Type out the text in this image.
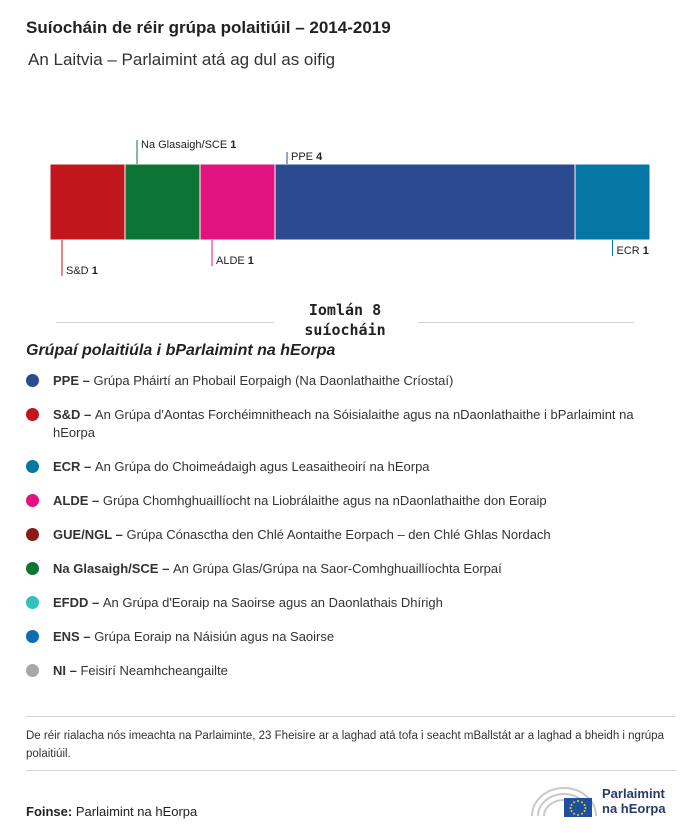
Suíocháin de réir grúpa polaitiúil – 2014-2019
An Laitvia – Parlaimint atá ag dul as oifig
S&D 1
Na Glasaigh/SCE 1
ALDE 1
PPE 4
ECR 1
Iomlán 8
suíocháin
Grúpaí polaitiúla i bParlaimint na hEorpa
PPE – Grúpa Pháirtí an Phobail Eorpaigh (Na Daonlathaithe Críostaí)
S&D – An Grúpa d'Aontas Forchéimnitheach na Sóisialaithe agus na nDaonlathaithe i bParlaimint na hEorpa
ECR – An Grúpa do Choimeádaigh agus Leasaitheoirí na hEorpa
ALDE – Grúpa Chomhghuaillíocht na Liobrálaithe agus na nDaonlathaithe don Eoraip
GUE/NGL – Grúpa Cónasctha den Chlé Aontaithe Eorpach – den Chlé Ghlas Nordach
Na Glasaigh/SCE – An Grúpa Glas/Grúpa na Saor-Comhghuaillíochta Eorpaí
EFDD – An Grúpa d'Eoraip na Saoirse agus an Daonlathais Dhírigh
ENS – Grúpa Eoraip na Náisiún agus na Saoirse
NI – Feisirí Neamhcheangailte
De réir rialacha nós imeachta na Parlaiminte, 23 Fheisire ar a laghad atá tofa i seacht mBallstát ar a laghad a bheidh i ngrúpa polaitiúil.
Foinse: Parlaimint na hEorpa
Parlaimint
na hEorpa
